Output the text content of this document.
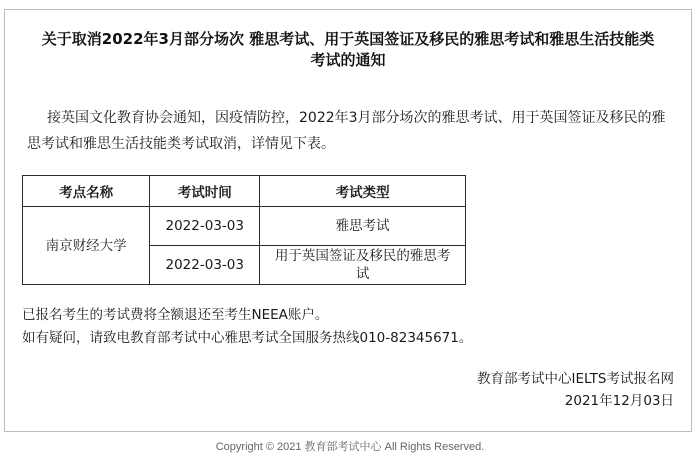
关于取消2022年3月部分场次 雅思考试、用于英国签证及移民的雅思考试和雅思生活技能类
考试的通知
接英国文化教育协会通知，因疫情防控，2022年3月部分场次的雅思考试、用于英国签证及移民的雅
思考试和雅思生活技能类考试取消，详情见下表。
考点名称	考试时间	考试类型
南京财经大学	2022-03-03	雅思考试
	2022-03-03	用于英国签证及移民的雅思考试
已报名考生的考试费将全额退还至考生NEEA账户。
如有疑问，请致电教育部考试中心雅思考试全国服务热线010-82345671。
教育部考试中心IELTS考试报名网
2021年12月03日
Copyright © 2021 教育部考试中心 All Rights Reserved.
